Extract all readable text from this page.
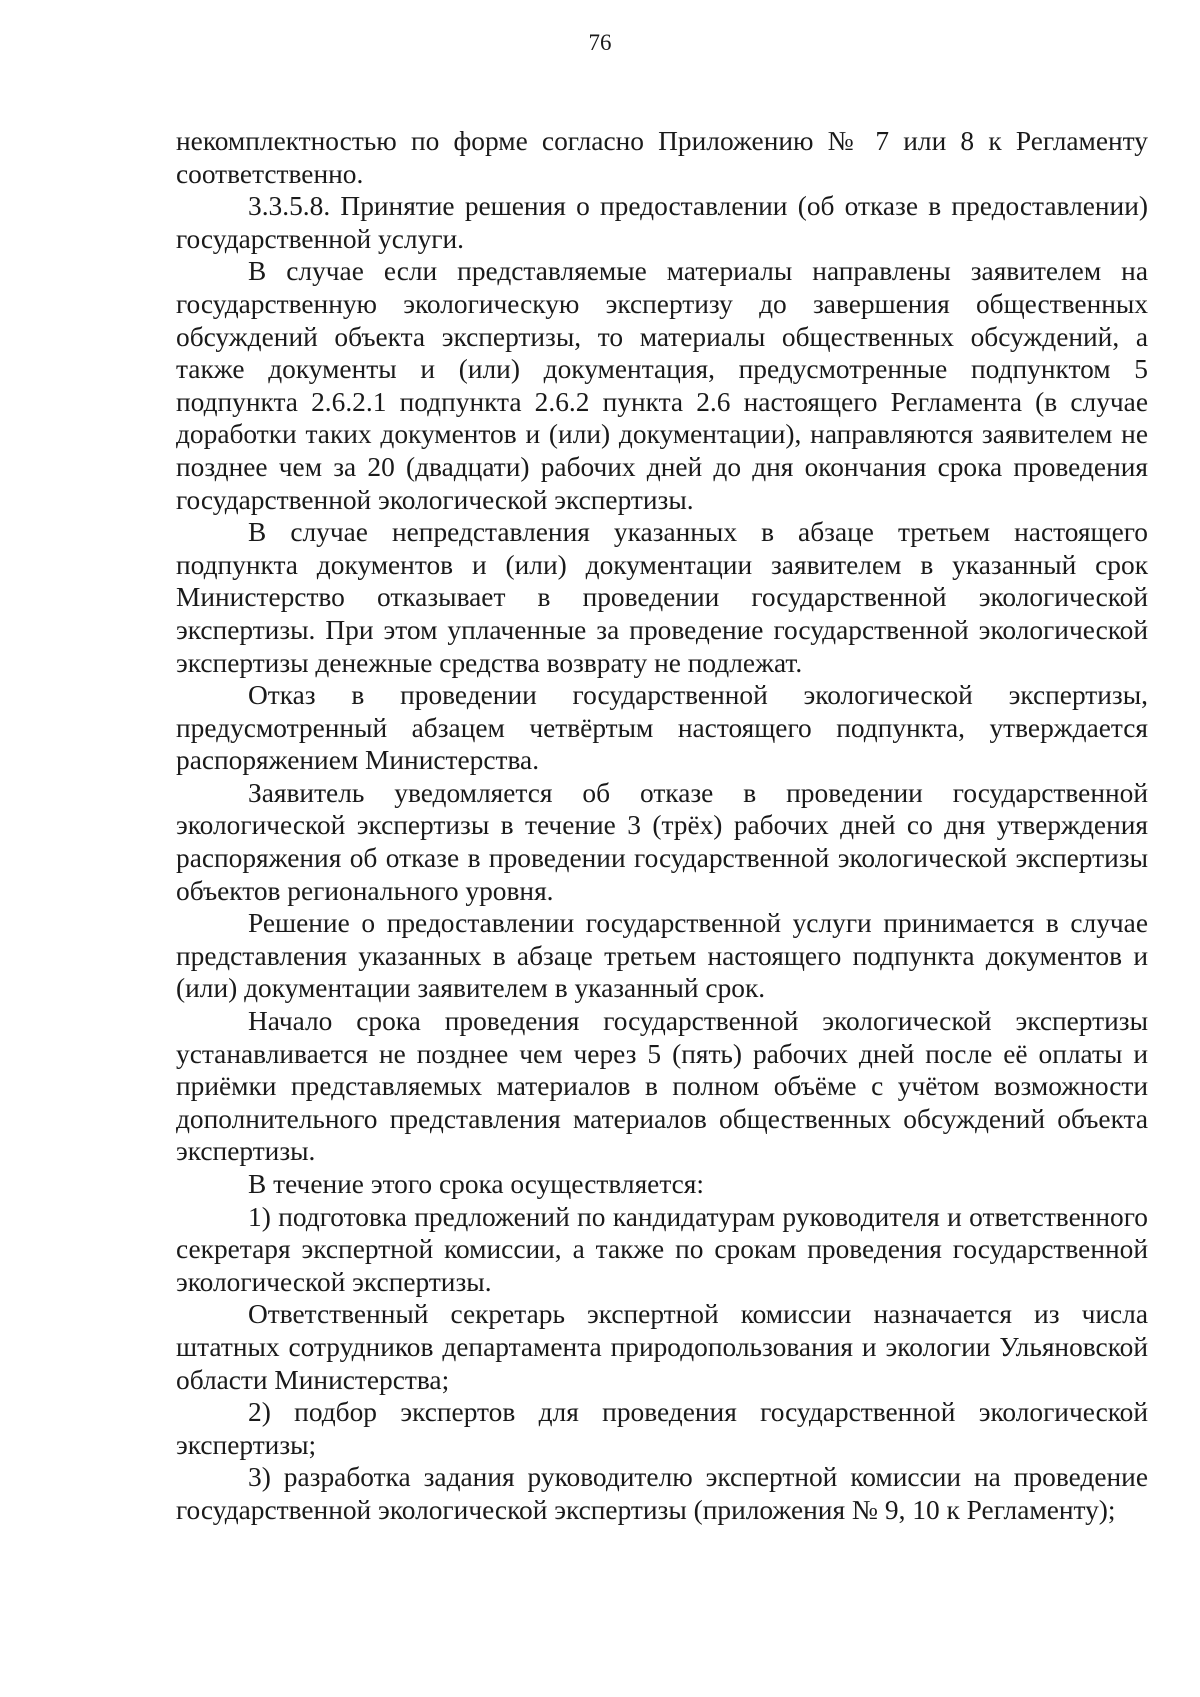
76

некомплектностью по форме согласно Приложению № 7 или 8 к Регламенту соответственно.

3.3.5.8. Принятие решения о предоставлении (об отказе в предоставлении) государственной услуги.

В случае если представляемые материалы направлены заявителем на государственную экологическую экспертизу до завершения общественных обсуждений объекта экспертизы, то материалы общественных обсуждений, а также документы и (или) документация, предусмотренные подпунктом 5 подпункта 2.6.2.1 подпункта 2.6.2 пункта 2.6 настоящего Регламента (в случае доработки таких документов и (или) документации), направляются заявителем не позднее чем за 20 (двадцати) рабочих дней до дня окончания срока проведения государственной экологической экспертизы.

В случае непредставления указанных в абзаце третьем настоящего подпункта документов и (или) документации заявителем в указанный срок Министерство отказывает в проведении государственной экологической экспертизы. При этом уплаченные за проведение государственной экологической экспертизы денежные средства возврату не подлежат.

Отказ в проведении государственной экологической экспертизы, предусмотренный абзацем четвёртым настоящего подпункта, утверждается распоряжением Министерства.

Заявитель уведомляется об отказе в проведении государственной экологической экспертизы в течение 3 (трёх) рабочих дней со дня утверждения распоряжения об отказе в проведении государственной экологической экспертизы объектов регионального уровня.

Решение о предоставлении государственной услуги принимается в случае представления указанных в абзаце третьем настоящего подпункта документов и (или) документации заявителем в указанный срок.

Начало срока проведения государственной экологической экспертизы устанавливается не позднее чем через 5 (пять) рабочих дней после её оплаты и приёмки представляемых материалов в полном объёме с учётом возможности дополнительного представления материалов общественных обсуждений объекта экспертизы.

В течение этого срока осуществляется:

1) подготовка предложений по кандидатурам руководителя и ответственного секретаря экспертной комиссии, а также по срокам проведения государственной экологической экспертизы.

Ответственный секретарь экспертной комиссии назначается из числа штатных сотрудников департамента природопользования и экологии Ульяновской области Министерства;

2) подбор экспертов для проведения государственной экологической экспертизы;

3) разработка задания руководителю экспертной комиссии на проведение государственной экологической экспертизы (приложения № 9, 10 к Регламенту);
